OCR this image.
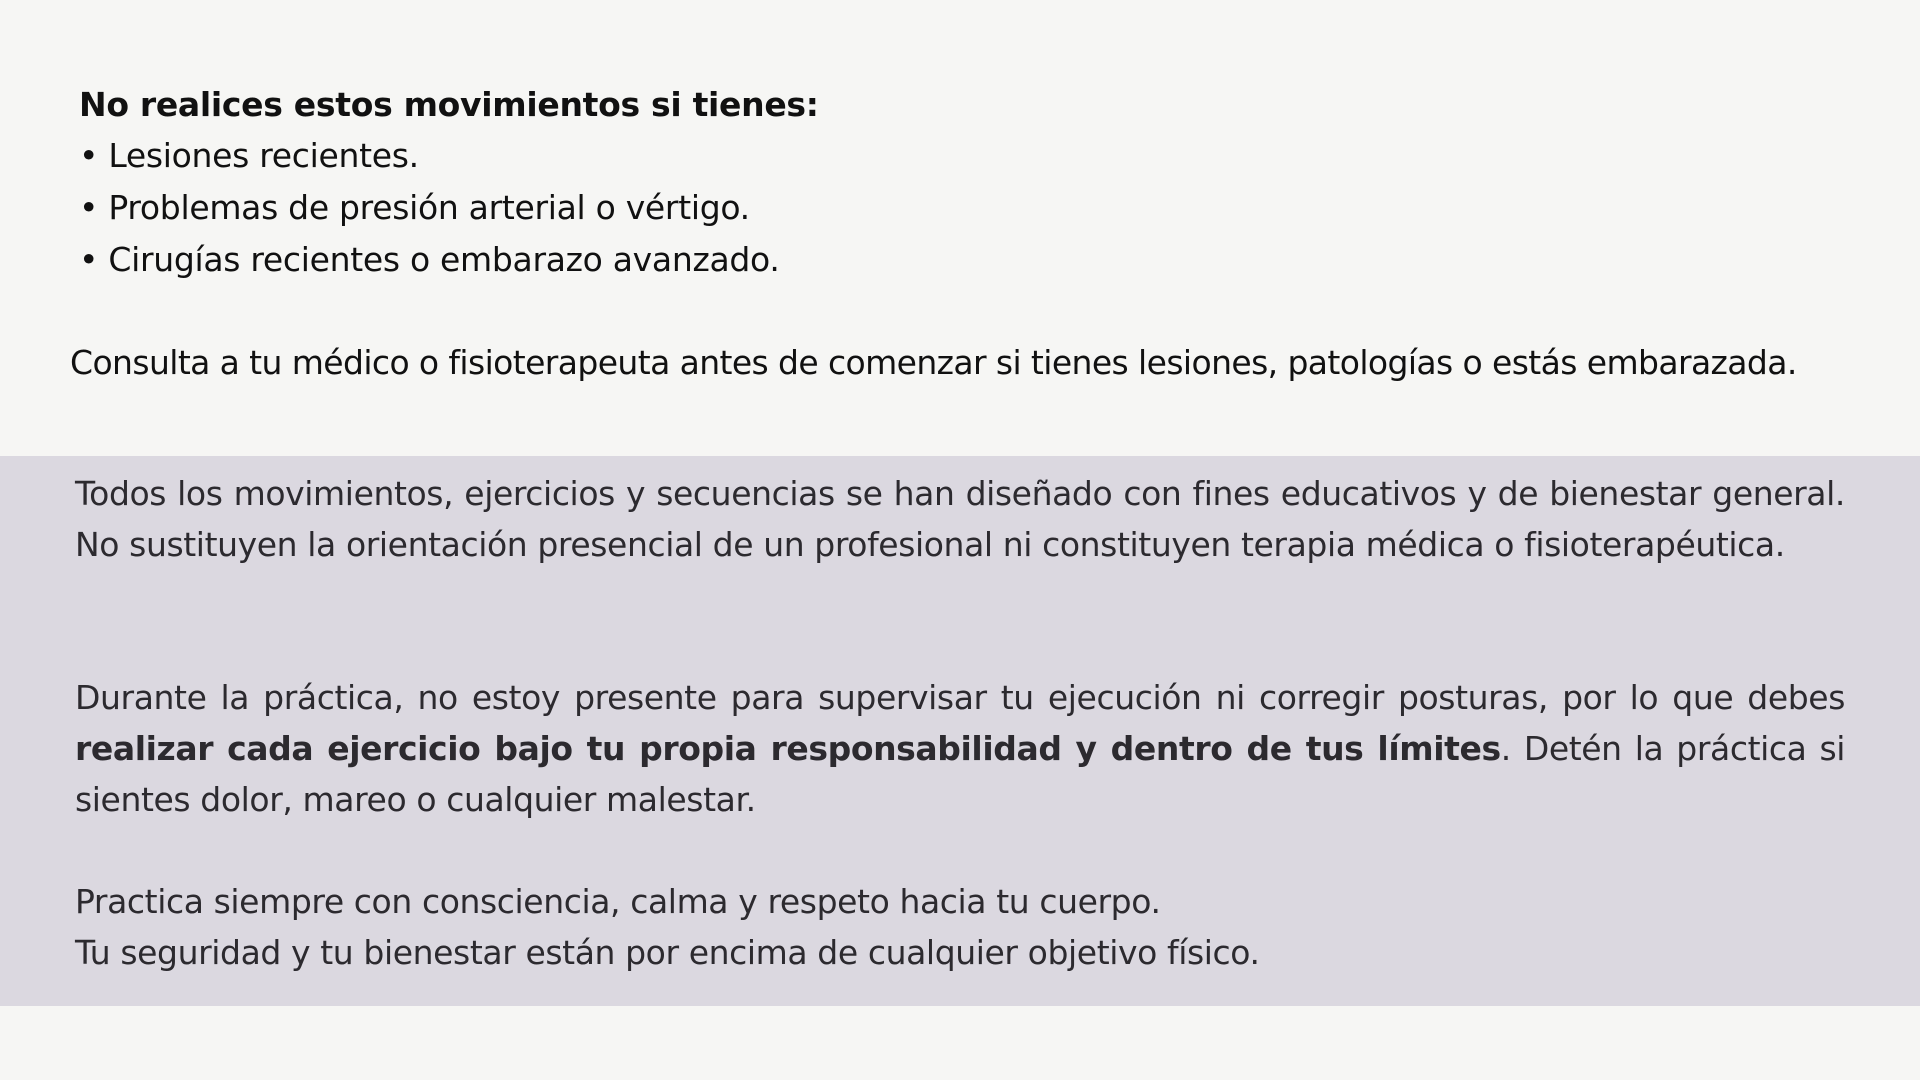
No realices estos movimientos si tienes:
• Lesiones recientes.
• Problemas de presión arterial o vértigo.
• Cirugías recientes o embarazo avanzado.
Consulta a tu médico o fisioterapeuta antes de comenzar si tienes lesiones, patologías o estás embarazada.

Todos los movimientos, ejercicios y secuencias se han diseñado con fines educativos y de bienestar general. No sustituyen la orientación presencial de un profesional ni constituyen terapia médica o fisioterapéutica.

Durante la práctica, no estoy presente para supervisar tu ejecución ni corregir posturas, por lo que debes realizar cada ejercicio bajo tu propia responsabilidad y dentro de tus límites. Detén la práctica si sientes dolor, mareo o cualquier malestar.

Practica siempre con consciencia, calma y respeto hacia tu cuerpo.
Tu seguridad y tu bienestar están por encima de cualquier objetivo físico.
